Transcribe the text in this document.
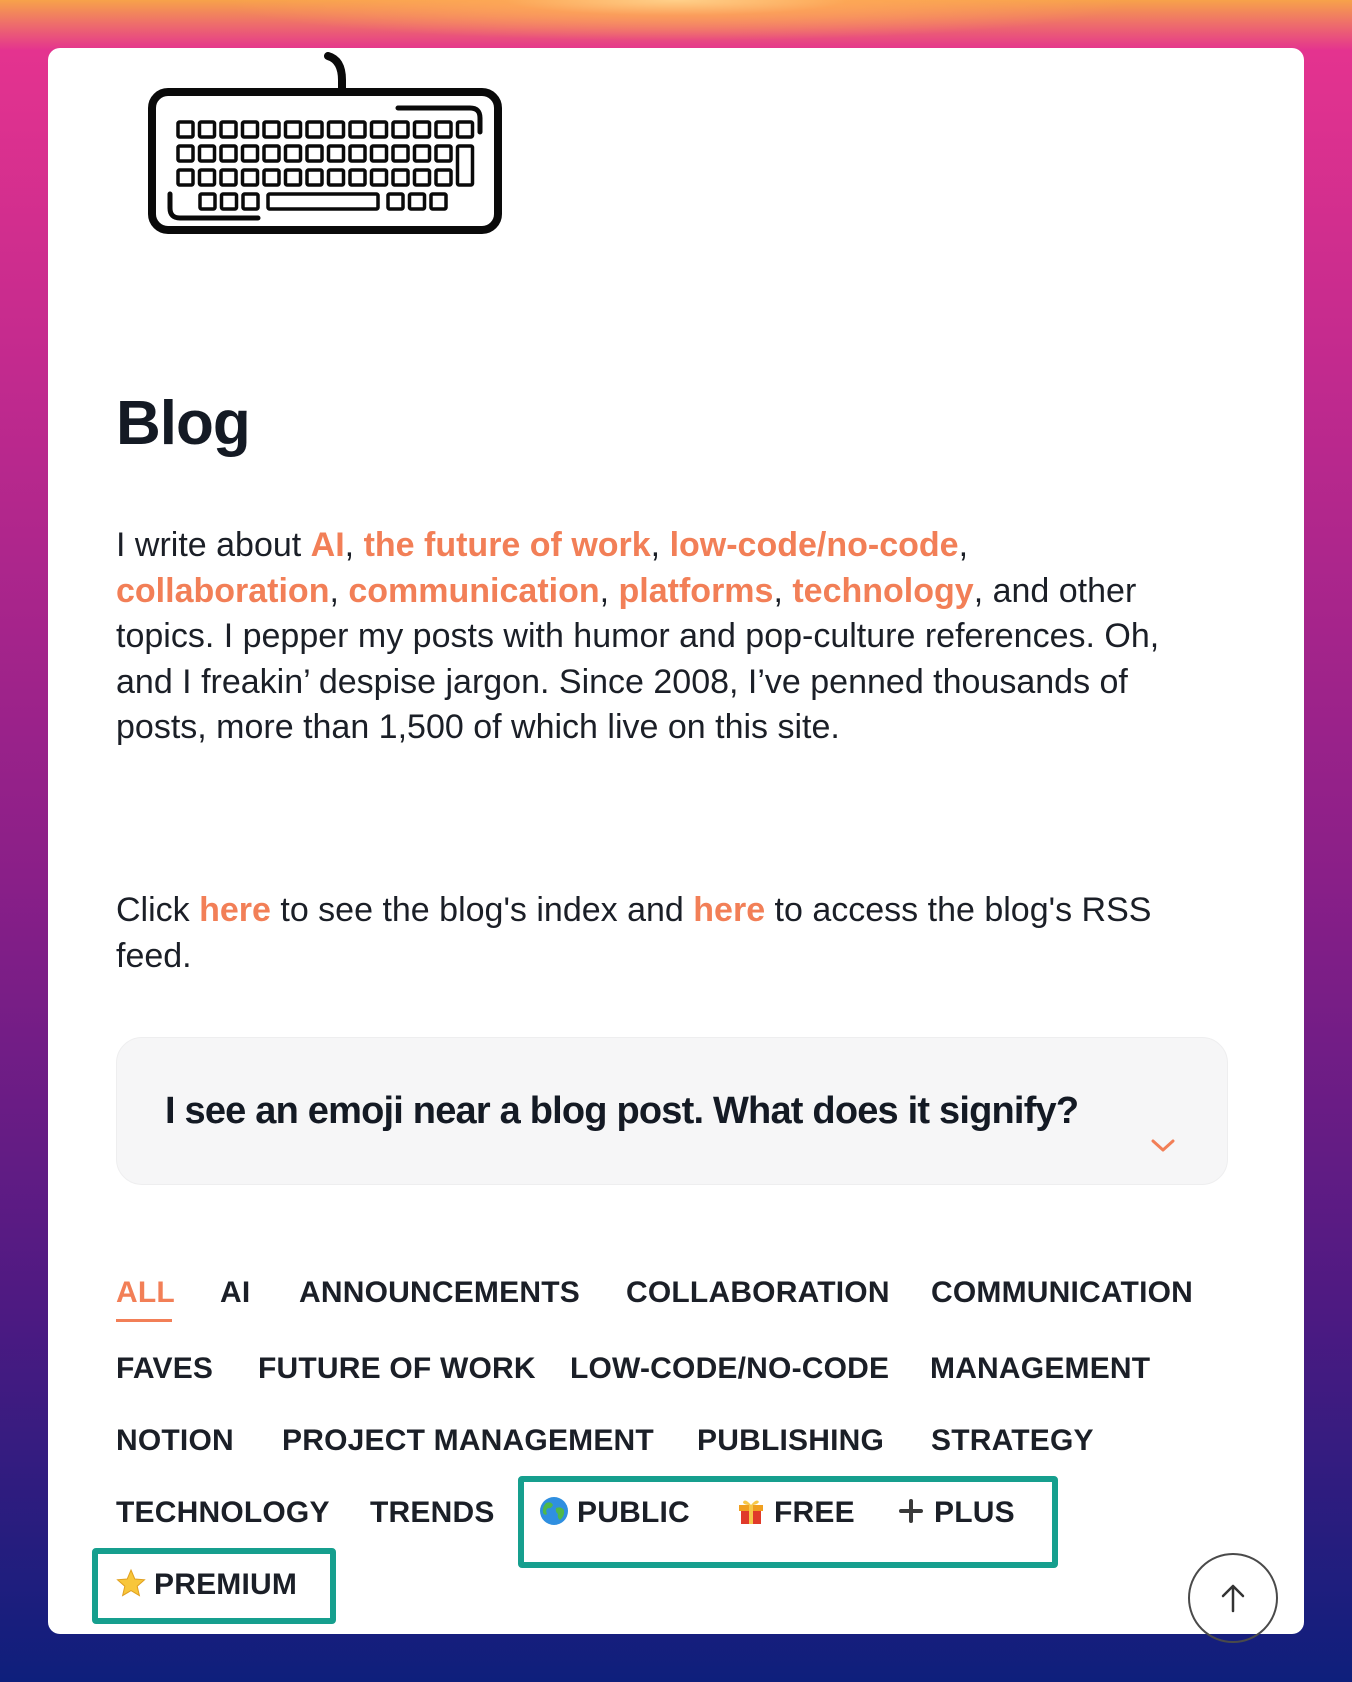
Blog

I write about AI, the future of work, low-code/no-code, collaboration, communication, platforms, technology, and other topics. I pepper my posts with humor and pop-culture references. Oh, and I freakin’ despise jargon. Since 2008, I’ve penned thousands of posts, more than 1,500 of which live on this site.

Click here to see the blog's index and here to access the blog's RSS feed.

I see an emoji near a blog post. What does it signify?
ALL AI ANNOUNCEMENTS COLLABORATION COMMUNICATION
FAVES FUTURE OF WORK LOW-CODE/NO-CODE MANAGEMENT
NOTION PROJECT MANAGEMENT PUBLISHING STRATEGY
TECHNOLOGY TRENDS	PUBLIC	FREE	PLUS
PREMIUM
